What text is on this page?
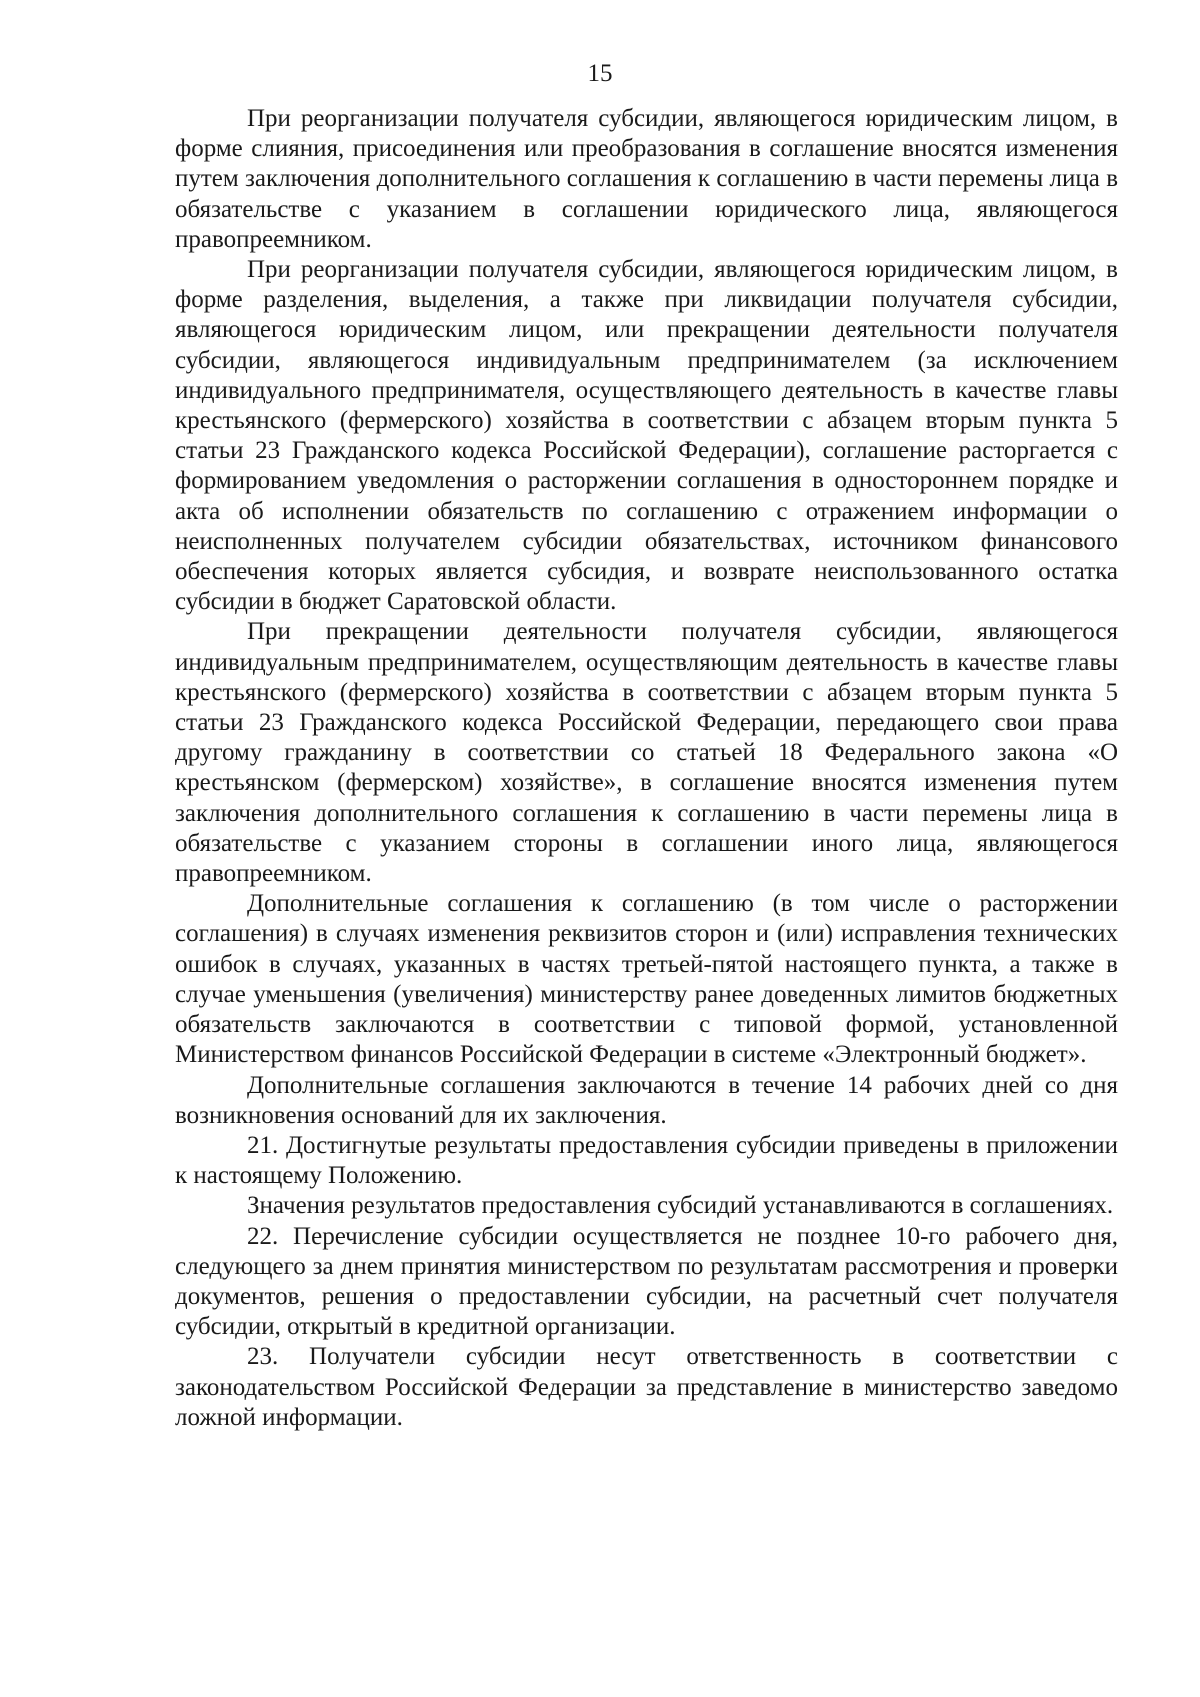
15

При реорганизации получателя субсидии, являющегося юридическим лицом, в форме слияния, присоединения или преобразования в соглашение вносятся изменения путем заключения дополнительного соглашения к соглашению в части перемены лица в обязательстве с указанием в соглашении юридического лица, являющегося правопреемником.

При реорганизации получателя субсидии, являющегося юридическим лицом, в форме разделения, выделения, а также при ликвидации получателя субсидии, являющегося юридическим лицом, или прекращении деятельности получателя субсидии, являющегося индивидуальным предпринимателем (за исключением индивидуального предпринимателя, осуществляющего деятельность в качестве главы крестьянского (фермерского) хозяйства в соответствии с абзацем вторым пункта 5 статьи 23 Гражданского кодекса Российской Федерации), соглашение расторгается с формированием уведомления о расторжении соглашения в одностороннем порядке и акта об исполнении обязательств по соглашению с отражением информации о неисполненных получателем субсидии обязательствах, источником финансового обеспечения которых является субсидия, и возврате неиспользованного остатка субсидии в бюджет Саратовской области.

При прекращении деятельности получателя субсидии, являющегося индивидуальным предпринимателем, осуществляющим деятельность в качестве главы крестьянского (фермерского) хозяйства в соответствии с абзацем вторым пункта 5 статьи 23 Гражданского кодекса Российской Федерации, передающего свои права другому гражданину в соответствии со статьей 18 Федерального закона «О крестьянском (фермерском) хозяйстве», в соглашение вносятся изменения путем заключения дополнительного соглашения к соглашению в части перемены лица в обязательстве с указанием стороны в соглашении иного лица, являющегося правопреемником.

Дополнительные соглашения к соглашению (в том числе о расторжении соглашения) в случаях изменения реквизитов сторон и (или) исправления технических ошибок в случаях, указанных в частях третьей-пятой настоящего пункта, а также в случае уменьшения (увеличения) министерству ранее доведенных лимитов бюджетных обязательств заключаются в соответствии с типовой формой, установленной Министерством финансов Российской Федерации в системе «Электронный бюджет».

Дополнительные соглашения заключаются в течение 14 рабочих дней со дня возникновения оснований для их заключения.

21. Достигнутые результаты предоставления субсидии приведены в приложении к настоящему Положению.

Значения результатов предоставления субсидий устанавливаются в соглашениях.

22. Перечисление субсидии осуществляется не позднее 10-го рабочего дня, следующего за днем принятия министерством по результатам рассмотрения и проверки документов, решения о предоставлении субсидии, на расчетный счет получателя субсидии, открытый в кредитной организации.

23. Получатели субсидии несут ответственность в соответствии с законодательством Российской Федерации за представление в министерство заведомо ложной информации.
